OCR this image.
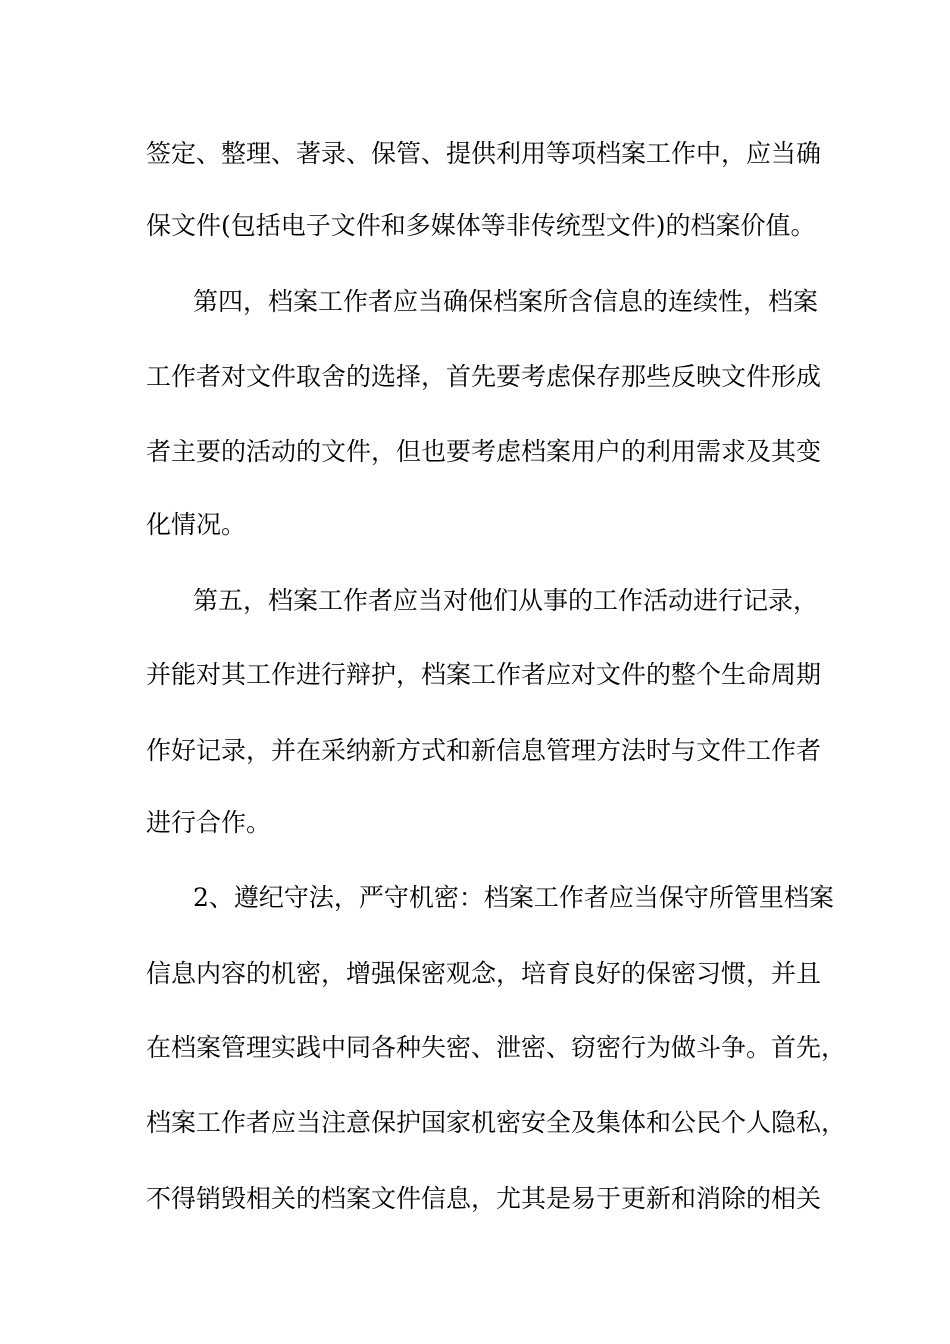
签定、整理、著录、保管、提供利用等项档案工作中，应当确
保文件(包括电子文件和多媒体等非传统型文件)的档案价值。
第四，档案工作者应当确保档案所含信息的连续性，档案
工作者对文件取舍的选择，首先要考虑保存那些反映文件形成
者主要的活动的文件，但也要考虑档案用户的利用需求及其变
化情况。
第五，档案工作者应当对他们从事的工作活动进行记录，
并能对其工作进行辩护，档案工作者应对文件的整个生命周期
作好记录，并在采纳新方式和新信息管理方法时与文件工作者
进行合作。
2、遵纪守法，严守机密：档案工作者应当保守所管里档案
信息内容的机密，增强保密观念，培育良好的保密习惯，并且
在档案管理实践中同各种失密、泄密、窃密行为做斗争。首先，
档案工作者应当注意保护国家机密安全及集体和公民个人隐私，
不得销毁相关的档案文件信息，尤其是易于更新和消除的相关
